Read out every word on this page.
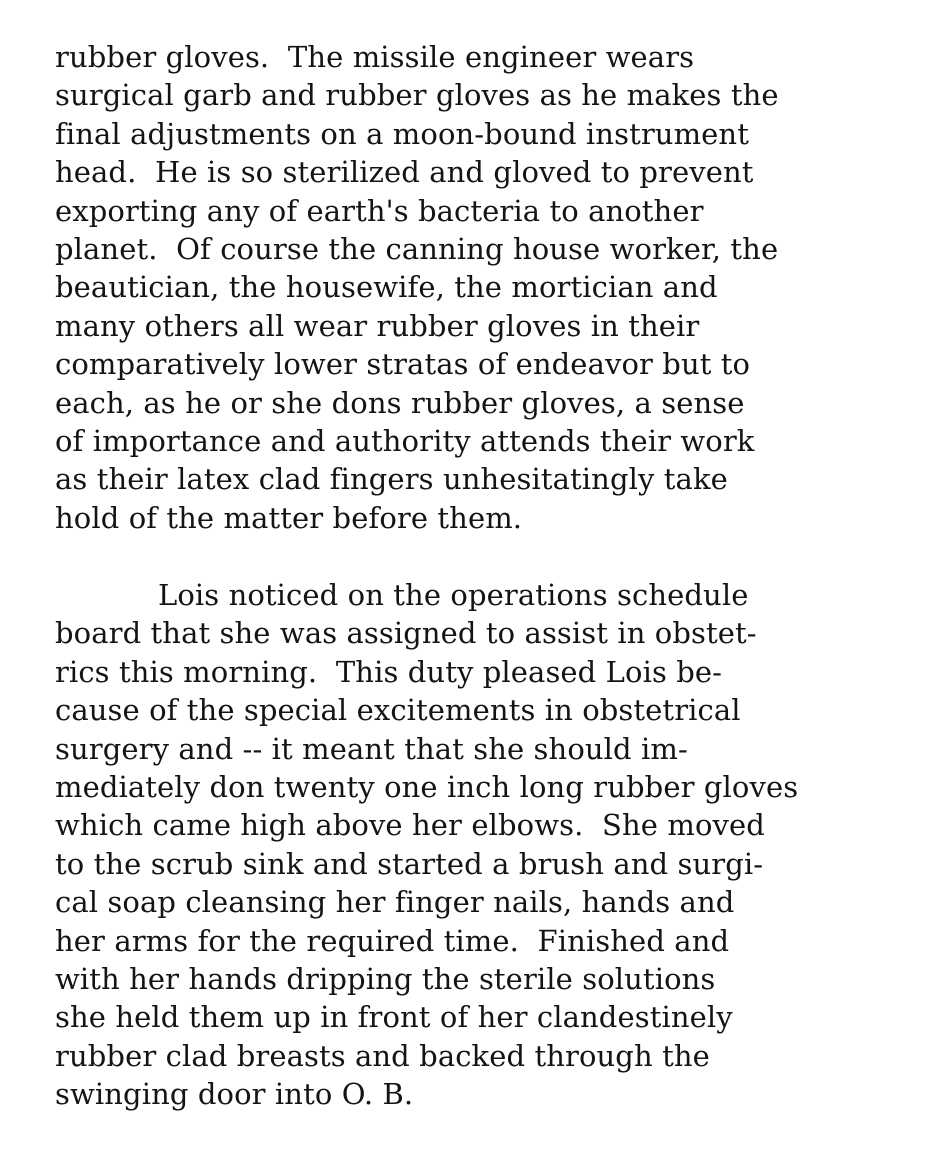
rubber gloves.  The missile engineer wears
surgical garb and rubber gloves as he makes the
final adjustments on a moon-bound instrument
head.  He is so sterilized and gloved to prevent
exporting any of earth's bacteria to another
planet.  Of course the canning house worker, the
beautician, the housewife, the mortician and
many others all wear rubber gloves in their
comparatively lower stratas of endeavor but to
each, as he or she dons rubber gloves, a sense
of importance and authority attends their work
as their latex clad fingers unhesitatingly take
hold of the matter before them.
Lois noticed on the operations schedule
board that she was assigned to assist in obstet-
rics this morning.  This duty pleased Lois be-
cause of the special excitements in obstetrical
surgery and -- it meant that she should im-
mediately don twenty one inch long rubber gloves
which came high above her elbows.  She moved
to the scrub sink and started a brush and surgi-
cal soap cleansing her finger nails, hands and
her arms for the required time.  Finished and
with her hands dripping the sterile solutions
she held them up in front of her clandestinely
rubber clad breasts and backed through the
swinging door into O. B.
